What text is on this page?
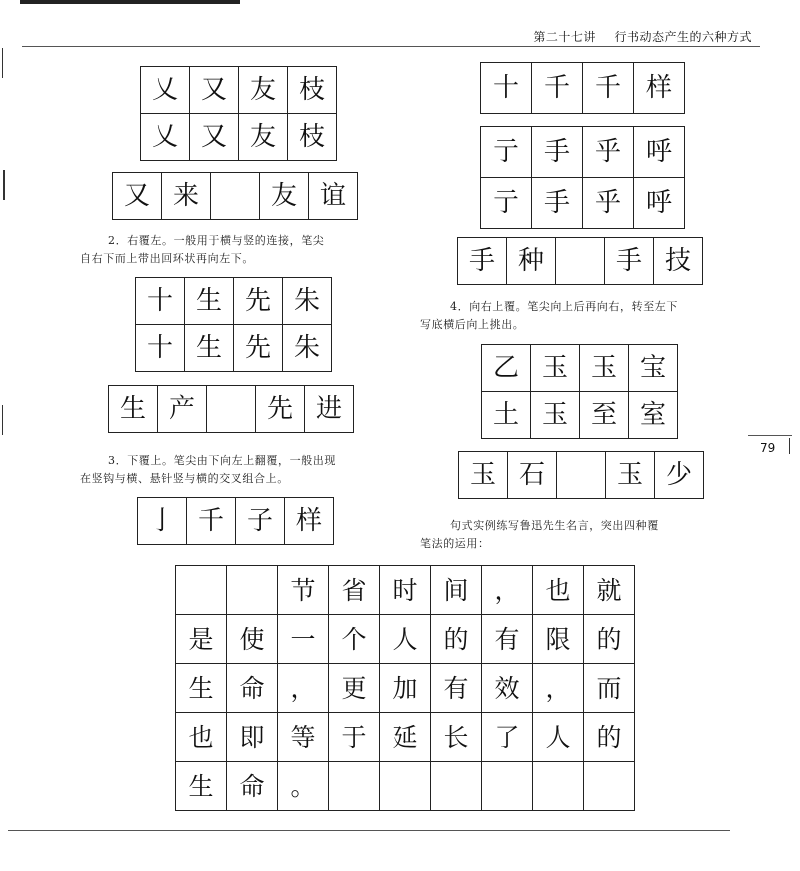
第二十七讲 行书动态产生的六种方式
79
乂	又	友	枝
乂	又	友	枝
又	来		友	谊
2．右覆左。一般用于横与竖的连接，笔尖
自右下而上带出回环状再向左下。
十	生	先	朱
十	生	先	朱
生	产		先	进
3．下覆上。笔尖由下向左上翻覆，一般出现
在竖钩与横、悬针竖与横的交叉组合上。
亅	千	子	样
十	千	千	样
亍	手	乎	呼
亍	手	乎	呼
手	种		手	技
4．向右上覆。笔尖向上后再向右，转至左下
写底横后向上挑出。
乙	玉	玉	宝
土	玉	至	室
玉	石		玉	少
句式实例练写鲁迅先生名言，突出四种覆
笔法的运用：
		节	省	时	间	，	也	就
是	使	一	个	人	的	有	限	的
生	命	，	更	加	有	效	，	而
也	即	等	于	延	长	了	人	的
生	命	。						
